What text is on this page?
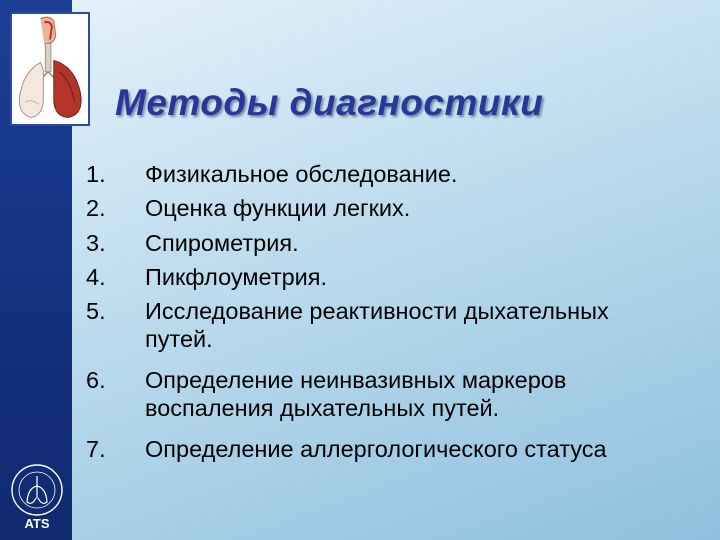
Методы диагностики
1.	Физикальное обследование.
2.	Оценка функции легких.
3.	Спирометрия.
4.	Пикфлоуметрия.
5.	Исследование реактивности дыхательных
путей.
6.	Определение неинвазивных маркеров
воспаления дыхательных путей.
7.	Определение аллергологического статуса
ATS
